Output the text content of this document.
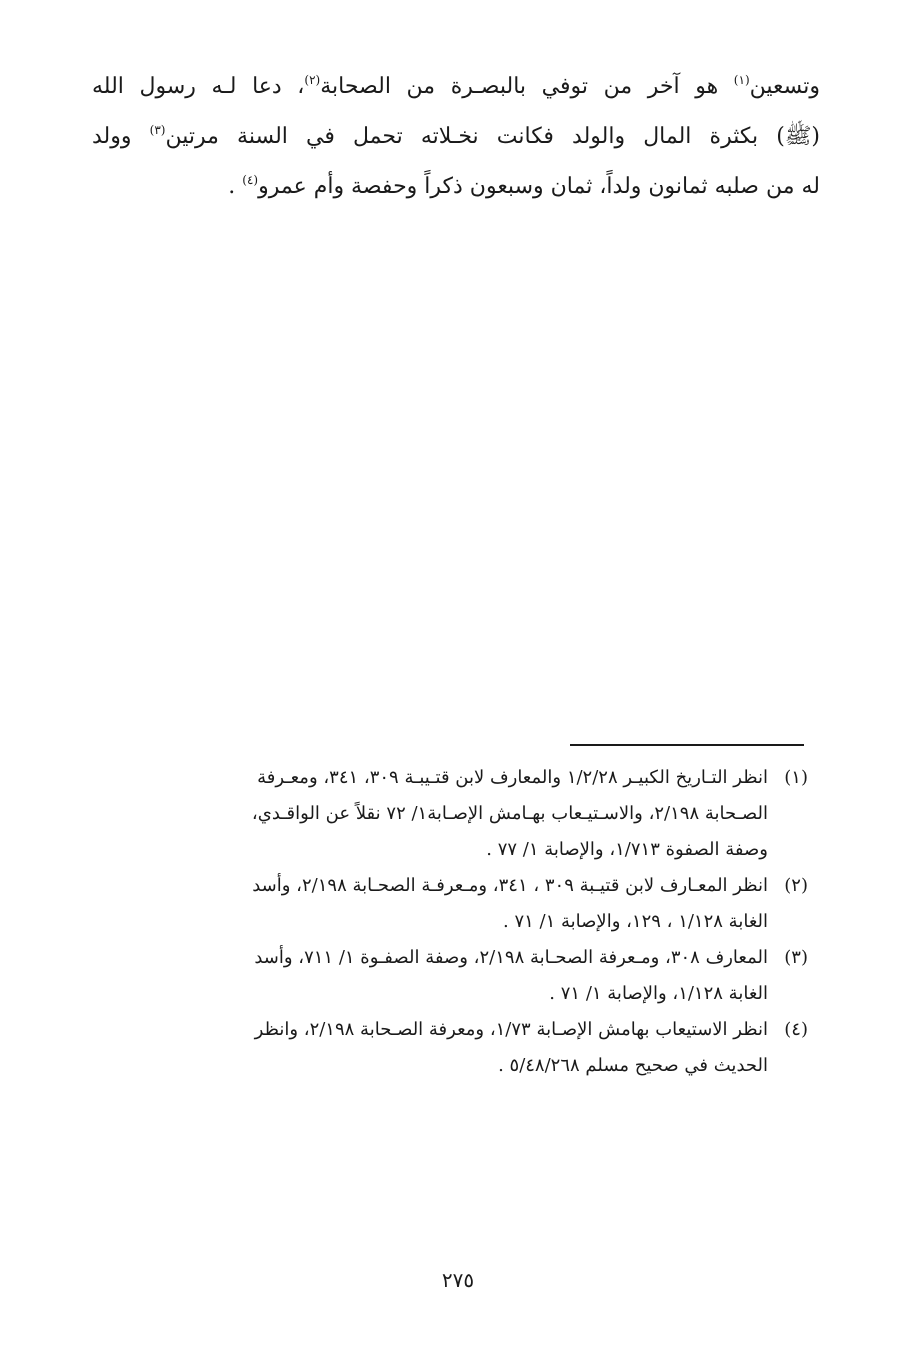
وتسعين$^{(١)}$ هو آخر من توفي بالبصـرة من الصحابة$^{(٢)}$، دعا لـه رسول الله
(ﷺ) بكثرة المال والولد فكانت نخـلاته تحمل في السنة مرتين$^{(٣)}$ وولد
له من صلبه ثمانون ولداً، ثمان وسبعون ذكراً وحفصة وأم عمرو$^{(٤)}$ .
(١)
انظر التـاريخ الكبيـر ١/٢/٢٨ والمعارف لابن قتـيبـة ٣٠٩، ٣٤١، ومعـرفة
الصـحابة ٢/١٩٨، والاسـتيـعاب بهـامش الإصـابة١/ ٧٢ نقلاً عن الواقـدي،
وصفة الصفوة ١/٧١٣، والإصابة ١/ ٧٧ .
(٢)
انظر المعـارف لابن قتيـبة ٣٠٩ ، ٣٤١، ومـعرفـة الصحـابة ٢/١٩٨، وأسد
الغابة ١/١٢٨ ، ١٢٩، والإصابة ١/ ٧١ .
(٣)
المعارف ٣٠٨، ومـعرفة الصحـابة ٢/١٩٨، وصفة الصفـوة ١/ ٧١١، وأسد
الغابة ١/١٢٨، والإصابة ١/ ٧١ .
(٤)
انظر الاستيعاب بهامش الإصـابة ١/٧٣، ومعرفة الصـحابة ٢/١٩٨، وانظر
الحديث في صحيح مسلم ٥/٤٨/٢٦٨ .
٢٧٥
